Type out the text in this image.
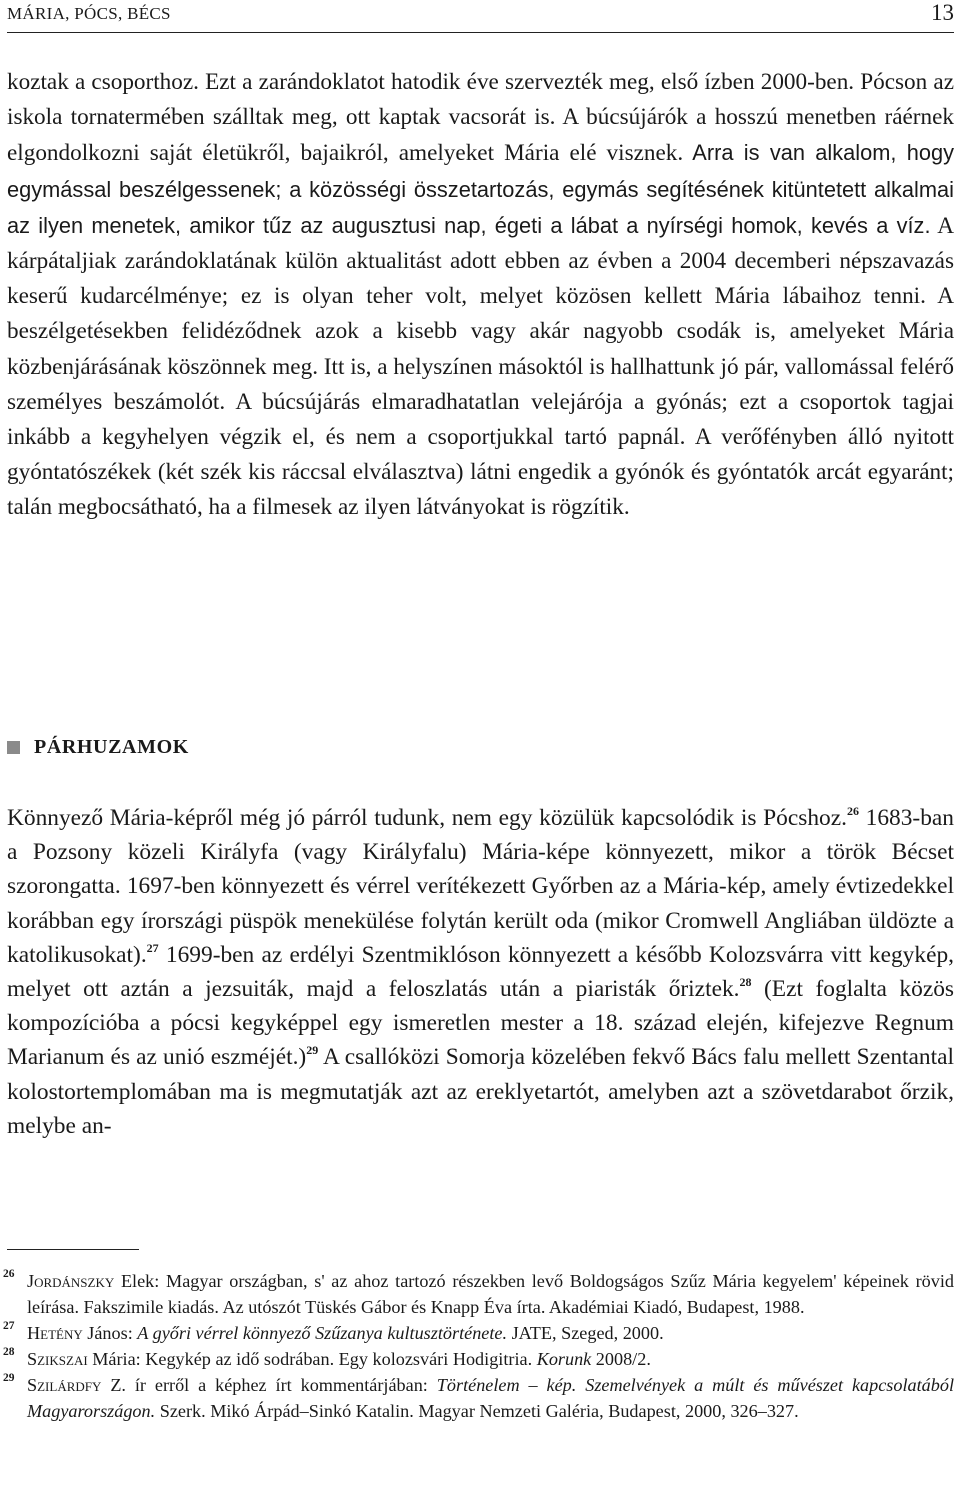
MÁRIA, PÓCS, BÉCS	13

koztak a csoporthoz. Ezt a zarándoklatot hatodik éve szervezték meg, első ízben 2000-ben. Pócson az iskola tornatermében szálltak meg, ott kaptak vacsorát is. A búcsújárók a hosszú menetben ráérnek elgondolkozni saját életükről, bajaikról, amelyeket Mária elé visznek. Arra is van alkalom, hogy egymással beszélgessenek; a közösségi összetartozás, egymás segítésének kitüntetett alkalmai az ilyen menetek, amikor tűz az augusztusi nap, égeti a lábat a nyírségi homok, kevés a víz. A kárpátaljiak zarándoklatának külön aktualitást adott ebben az évben a 2004 decemberi népszavazás keserű kudarcélménye; ez is olyan teher volt, melyet közösen kellett Mária lábaihoz tenni. A beszélgetésekben felidéződnek azok a kisebb vagy akár nagyobb csodák is, amelyeket Mária közbenjárásának köszönnek meg. Itt is, a helyszínen másoktól is hallhattunk jó pár, vallomással felérő személyes beszámolót. A búcsújárás elmaradhatatlan velejárója a gyónás; ezt a csoportok tagjai inkább a kegyhelyen végzik el, és nem a csoportjukkal tartó papnál. A verőfényben álló nyitott gyóntatószékek (két szék kis ráccsal elválasztva) látni engedik a gyónók és gyóntatók arcát egyaránt; talán megbocsátható, ha a filmesek az ilyen látványokat is rögzítik.

PÁRHUZAMOK

Könnyező Mária-képről még jó párról tudunk, nem egy közülük kapcsolódik is Pócshoz.$^{26}$ 1683-ban a Pozsony közeli Királyfa (vagy Királyfalu) Mária-képe könnyezett, mikor a török Bécset szorongatta. 1697-ben könnyezett és vérrel verítékezett Győrben az a Mária-kép, amely évtizedekkel korábban egy írországi püspök menekülése folytán került oda (mikor Cromwell Angliában üldözte a katolikusokat).$^{27}$ 1699-ben az erdélyi Szentmiklóson könnyezett a később Kolozsvárra vitt kegykép, melyet ott aztán a jezsuiták, majd a feloszlatás után a piaristák őriztek.$^{28}$ (Ezt foglalta közös kompozícióba a pócsi kegyképpel egy ismeretlen mester a 18. század elején, kifejezve Regnum Marianum és az unió eszméjét.)$^{29}$ A csallóközi Somorja közelében fekvő Bács falu mellett Szentantal kolostortemplomában ma is megmutatják azt az ereklyetartót, amelyben azt a szövetdarabot őrzik, melybe an-

26 Jordánszky Elek: Magyar országban, s' az ahoz tartozó részekben levő Boldogságos Szűz Mária kegyelem' képeinek rövid leírása. Fakszimile kiadás. Az utószót Tüskés Gábor és Knapp Éva írta. Akadémiai Kiadó, Budapest, 1988.

27 Hetény János: A győri vérrel könnyező Szűzanya kultusztörténete. JATE, Szeged, 2000.

28 Szikszai Mária: Kegykép az idő sodrában. Egy kolozsvári Hodigitria. Korunk 2008/2.

29 Szilárdfy Z. ír erről a képhez írt kommentárjában: Történelem – kép. Szemelvények a múlt és művészet kapcsolatából Magyarországon. Szerk. Mikó Árpád–Sinkó Katalin. Magyar Nemzeti Galéria, Budapest, 2000, 326–327.
